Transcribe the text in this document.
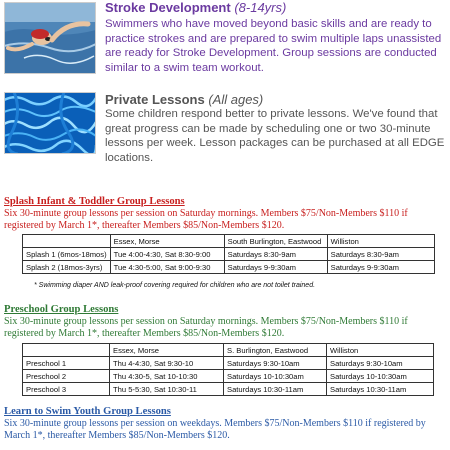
Stroke Development (8-14yrs)
Swimmers who have moved beyond basic skills and are ready to practice strokes and are prepared to swim multiple laps unassisted are ready for Stroke Development. Group sessions are conducted similar to a swim team workout.
Private Lessons (All ages)
Some children respond better to private lessons. We've found that great progress can be made by scheduling one or two 30-minute lessons per week. Lesson packages can be purchased at all EDGE locations.
Splash Infant & Toddler Group Lessons
Six 30-minute group lessons per session on Saturday mornings. Members $75/Non-Members $110 if registered by March 1*, thereafter Members $85/Non-Members $120.
	Essex, Morse	South Burlington, Eastwood	Williston
Splash 1 (6mos-18mos)	Tue 4:00-4:30, Sat 8:30-9:00	Saturdays 8:30-9am	Saturdays 8:30-9am
Splash 2 (18mos-3yrs)	Tue 4:30-5:00, Sat 9:00-9:30	Saturdays 9-9:30am	Saturdays 9-9:30am
* Swimming diaper AND leak-proof covering required for children who are not toilet trained.
Preschool Group Lessons
Six 30-minute group lessons per session on Saturday mornings. Members $75/Non-Members $110 if registered by March 1*, thereafter Members $85/Non-Members $120.
	Essex, Morse	S. Burlington, Eastwood	Williston
Preschool 1	Thu 4-4:30, Sat 9:30-10	Saturdays 9:30-10am	Saturdays 9:30-10am
Preschool 2	Thu 4:30-5, Sat 10-10:30	Saturdays 10-10:30am	Saturdays 10-10:30am
Preschool 3	Thu 5-5:30, Sat 10:30-11	Saturdays 10:30-11am	Saturdays 10:30-11am
Learn to Swim Youth Group Lessons
Six 30-minute group lessons per session on weekdays. Members $75/Non-Members $110 if registered by March 1*, thereafter Members $85/Non-Members $120.
